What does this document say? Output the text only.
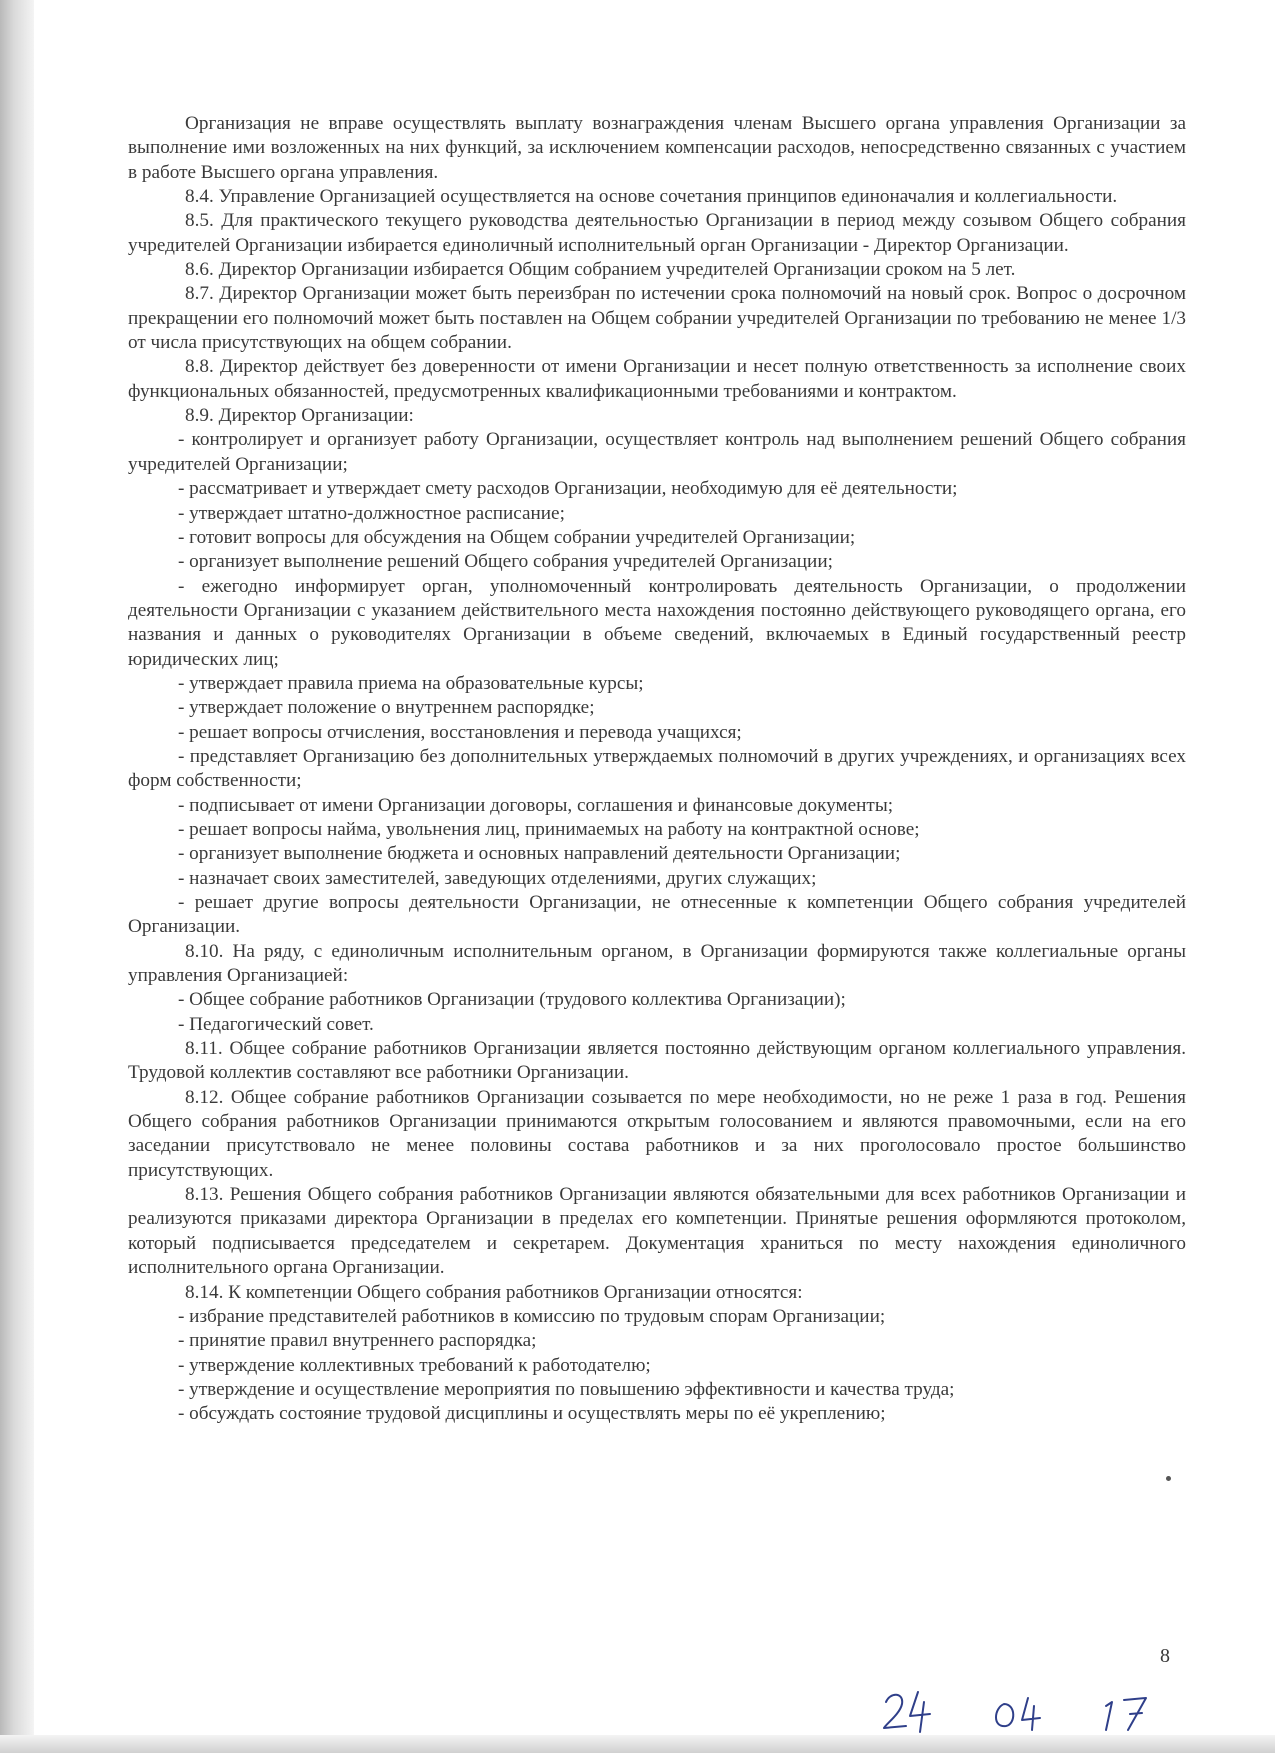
Организация не вправе осуществлять выплату вознаграждения членам Высшего органа управления Организации за выполнение ими возложенных на них функций, за исключением компенсации расходов, непосредственно связанных с участием в работе Высшего органа управления.

8.4. Управление Организацией осуществляется на основе сочетания принципов единоначалия и коллегиальности.

8.5. Для практического текущего руководства деятельностью Организации в период между созывом Общего собрания учредителей Организации избирается единоличный исполнительный орган Организации - Директор Организации.

8.6. Директор Организации избирается Общим собранием учредителей Организации сроком на 5 лет.

8.7. Директор Организации может быть переизбран по истечении срока полномочий на новый срок. Вопрос о досрочном прекращении его полномочий может быть поставлен на Общем собрании учредителей Организации по требованию не менее 1/3 от числа присутствующих на общем собрании.

8.8. Директор действует без доверенности от имени Организации и несет полную ответственность за исполнение своих функциональных обязанностей, предусмотренных квалификационными требованиями и контрактом.

8.9. Директор Организации:

- контролирует и организует работу Организации, осуществляет контроль над выполнением решений Общего собрания учредителей Организации;

- рассматривает и утверждает смету расходов Организации, необходимую для её деятельности;

- утверждает штатно-должностное расписание;

- готовит вопросы для обсуждения на Общем собрании учредителей Организации;

- организует выполнение решений Общего собрания учредителей Организации;

- ежегодно информирует орган, уполномоченный контролировать деятельность Организации, о продолжении деятельности Организации с указанием действительного места нахождения постоянно действующего руководящего органа, его названия и данных о руководителях Организации в объеме сведений, включаемых в Единый государственный реестр юридических лиц;

- утверждает правила приема на образовательные курсы;

- утверждает положение о внутреннем распорядке;

- решает вопросы отчисления, восстановления и перевода учащихся;

- представляет Организацию без дополнительных утверждаемых полномочий в других учреждениях, и организациях всех форм собственности;

- подписывает от имени Организации договоры, соглашения и финансовые документы;

- решает вопросы найма, увольнения лиц, принимаемых на работу на контрактной основе;

- организует выполнение бюджета и основных направлений деятельности Организации;

- назначает своих заместителей, заведующих отделениями, других служащих;

- решает другие вопросы деятельности Организации, не отнесенные к компетенции Общего собрания учредителей Организации.

8.10. На ряду, с единоличным исполнительным органом, в Организации формируются также коллегиальные органы управления Организацией:

- Общее собрание работников Организации (трудового коллектива Организации);

- Педагогический совет.

8.11. Общее собрание работников Организации является постоянно действующим органом коллегиального управления. Трудовой коллектив составляют все работники Организации.

8.12. Общее собрание работников Организации созывается по мере необходимости, но не реже 1 раза в год. Решения Общего собрания работников Организации принимаются открытым голосованием и являются правомочными, если на его заседании присутствовало не менее половины состава работников и за них проголосовало простое большинство присутствующих.

8.13. Решения Общего собрания работников Организации являются обязательными для всех работников Организации и реализуются приказами директора Организации в пределах его компетенции. Принятые решения оформляются протоколом, который подписывается председателем и секретарем. Документация храниться по месту нахождения единоличного исполнительного органа Организации.

8.14. К компетенции Общего собрания работников Организации относятся:

- избрание представителей работников в комиссию по трудовым спорам Организации;

- принятие правил внутреннего распорядка;

- утверждение коллективных требований к работодателю;

- утверждение и осуществление мероприятия по повышению эффективности и качества труда;

- обсуждать состояние трудовой дисциплины и осуществлять меры по её укреплению;

8
